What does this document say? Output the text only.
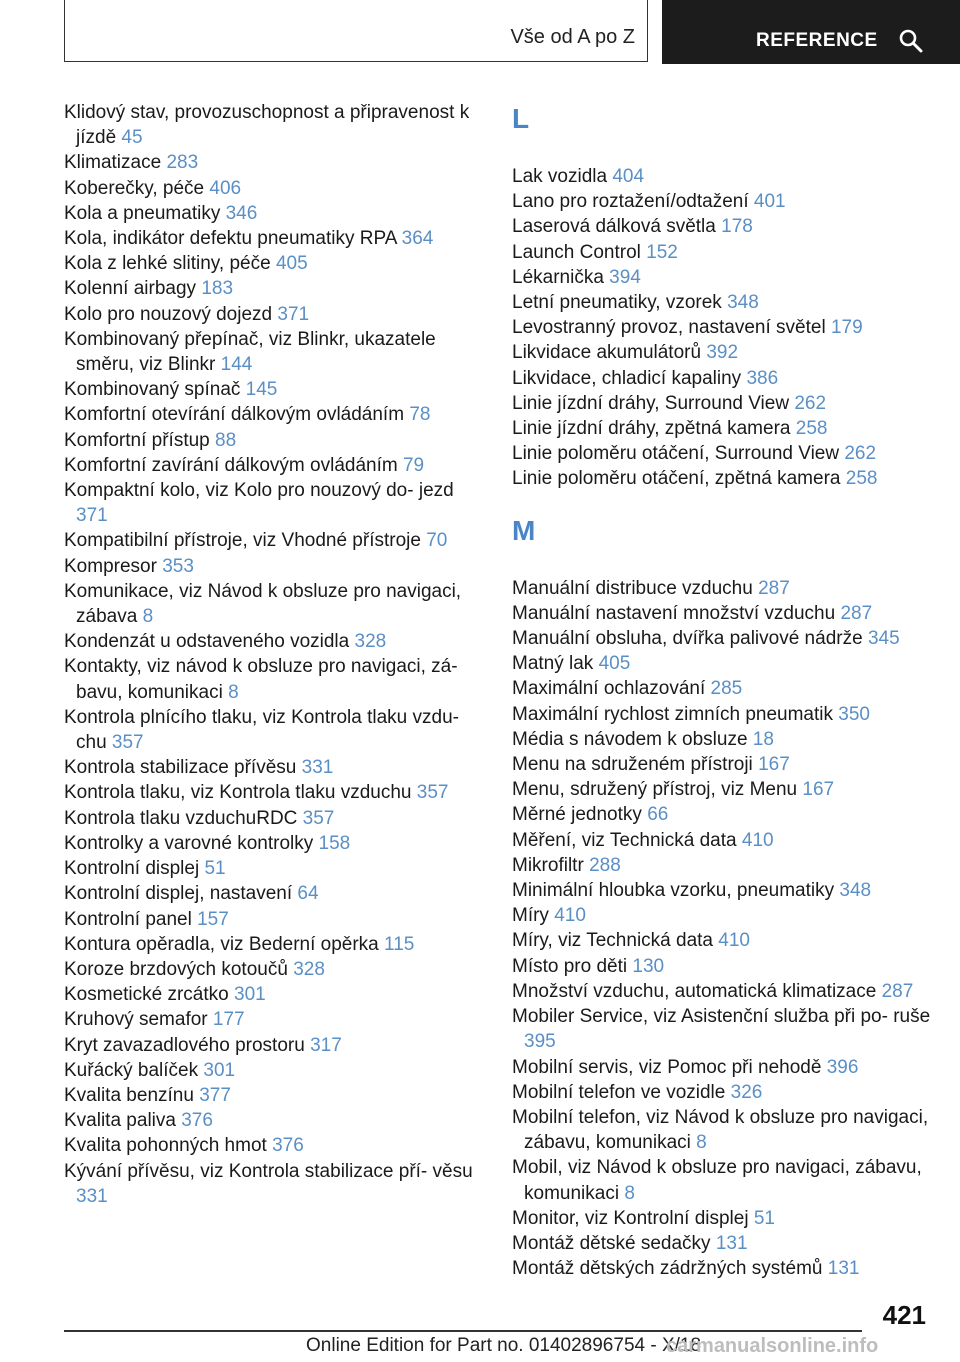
Vše od A po Z	REFERENCE

Klidový stav, provozuschopnost a připravenost k jízdě 45

Klimatizace 283

Koberečky, péče 406

Kola a pneumatiky 346

Kola, indikátor defektu pneumatiky RPA 364

Kola z lehké slitiny, péče 405

Kolenní airbagy 183

Kolo pro nouzový dojezd 371

Kombinovaný přepínač, viz Blinkr, ukazatele směru, viz Blinkr 144

Kombinovaný spínač 145

Komfortní otevírání dálkovým ovládáním 78

Komfortní přístup 88

Komfortní zavírání dálkovým ovládáním 79

Kompaktní kolo, viz Kolo pro nouzový do‐ jezd 371

Kompatibilní přístroje, viz Vhodné přístroje 70

Kompresor 353

Komunikace, viz Návod k obsluze pro navigaci, zábava 8

Kondenzát u odstaveného vozidla 328

Kontakty, viz návod k obsluze pro navigaci, zá‐ bavu, komunikaci 8

Kontrola plnícího tlaku, viz Kontrola tlaku vzdu‐ chu 357

Kontrola stabilizace přívěsu 331

Kontrola tlaku, viz Kontrola tlaku vzduchu 357

Kontrola tlaku vzduchuRDC 357

Kontrolky a varovné kontrolky 158

Kontrolní displej 51

Kontrolní displej, nastavení 64

Kontrolní panel 157

Kontura opěradla, viz Bederní opěrka 115

Koroze brzdových kotoučů 328

Kosmetické zrcátko 301

Kruhový semafor 177

Kryt zavazadlového prostoru 317

Kuřácký balíček 301

Kvalita benzínu 377

Kvalita paliva 376

Kvalita pohonných hmot 376

Kývání přívěsu, viz Kontrola stabilizace pří‐ věsu 331

L

Lak vozidla 404

Lano pro roztažení/odtažení 401

Laserová dálková světla 178

Launch Control 152

Lékarnička 394

Letní pneumatiky, vzorek 348

Levostranný provoz, nastavení světel 179

Likvidace akumulátorů 392

Likvidace, chladicí kapaliny 386

Linie jízdní dráhy, Surround View 262

Linie jízdní dráhy, zpětná kamera 258

Linie poloměru otáčení, Surround View 262

Linie poloměru otáčení, zpětná kamera 258

M

Manuální distribuce vzduchu 287

Manuální nastavení množství vzduchu 287

Manuální obsluha, dvířka palivové nádrže 345

Matný lak 405

Maximální ochlazování 285

Maximální rychlost zimních pneumatik 350

Média s návodem k obsluze 18

Menu na sdruženém přístroji 167

Menu, sdružený přístroj, viz Menu 167

Měrné jednotky 66

Měření, viz Technická data 410

Mikrofiltr 288

Minimální hloubka vzorku, pneumatiky 348

Míry 410

Míry, viz Technická data 410

Místo pro děti 130

Množství vzduchu, automatická klimatizace 287

Mobiler Service, viz Asistenční služba při po‐ ruše 395

Mobilní servis, viz Pomoc při nehodě 396

Mobilní telefon ve vozidle 326

Mobilní telefon, viz Návod k obsluze pro navigaci, zábavu, komunikaci 8

Mobil, viz Návod k obsluze pro navigaci, zábavu, komunikaci 8

Monitor, viz Kontrolní displej 51

Montáž dětské sedačky 131

Montáž dětských zádržných systémů 131

421
Online Edition for Part no. 01402896754 - X/18
carmanualsonline.info
